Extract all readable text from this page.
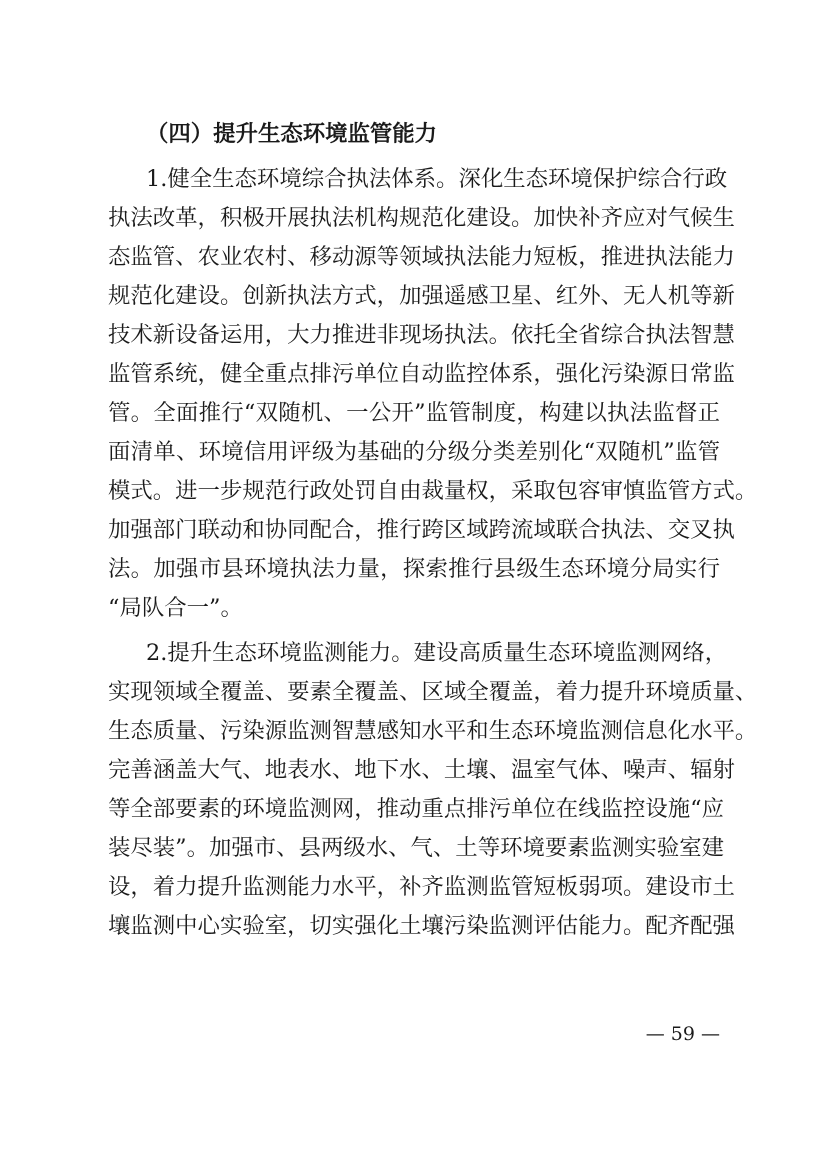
（四）提升生态环境监管能力

1.健全生态环境综合执法体系。深化生态环境保护综合行政

执法改革，积极开展执法机构规范化建设。加快补齐应对气候生

态监管、农业农村、移动源等领域执法能力短板，推进执法能力

规范化建设。创新执法方式，加强遥感卫星、红外、无人机等新

技术新设备运用，大力推进非现场执法。依托全省综合执法智慧

监管系统，健全重点排污单位自动监控体系，强化污染源日常监

管。全面推行“双随机、一公开”监管制度，构建以执法监督正

面清单、环境信用评级为基础的分级分类差别化“双随机”监管

模式。进一步规范行政处罚自由裁量权，采取包容审慎监管方式。

加强部门联动和协同配合，推行跨区域跨流域联合执法、交叉执

法。加强市县环境执法力量，探索推行县级生态环境分局实行

“局队合一”。

2.提升生态环境监测能力。建设高质量生态环境监测网络，

实现领域全覆盖、要素全覆盖、区域全覆盖，着力提升环境质量、

生态质量、污染源监测智慧感知水平和生态环境监测信息化水平。

完善涵盖大气、地表水、地下水、土壤、温室气体、噪声、辐射

等全部要素的环境监测网，推动重点排污单位在线监控设施“应

装尽装”。加强市、县两级水、气、土等环境要素监测实验室建

设，着力提升监测能力水平，补齐监测监管短板弱项。建设市土

壤监测中心实验室，切实强化土壤污染监测评估能力。配齐配强

— 59 —
